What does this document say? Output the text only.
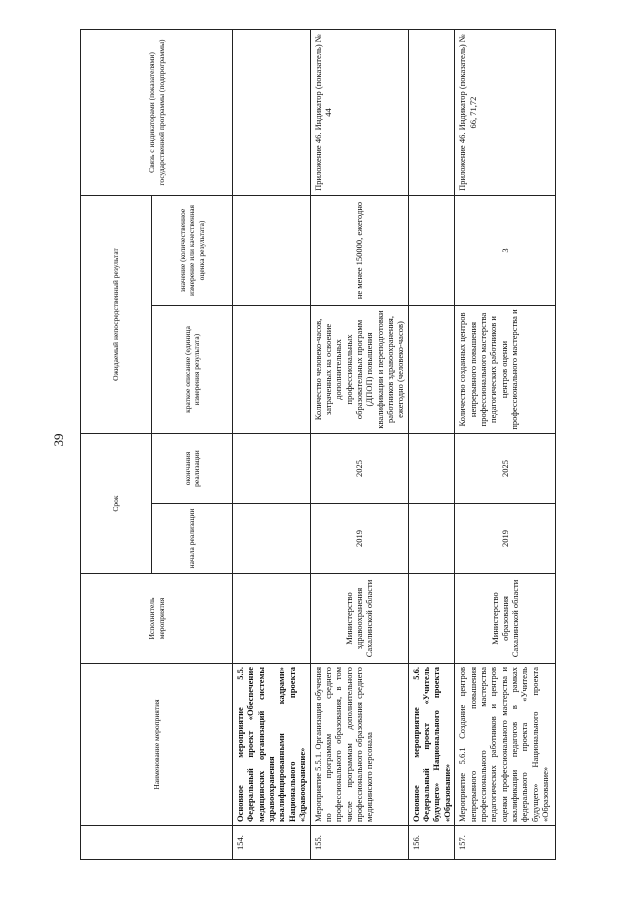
39
	Наименование мероприятия	Исполнитель мероприятия	Срок		Ожидаемый непосредственный результат		Связь с индикаторами (показателями) государственной программы (подпрограммы)
			начала реализации	окончания реализации	краткое описание (единица измерения результата)	значение (количественное измерение или качественная оценка результата)	
154.	Основное мероприятие 5.5. Федеральный проект «Обеспечение медицинских организаций системы здравоохранения квалифицированными кадрами» Национального проекта «Здравоохранение»						
155.	Мероприятие 5.5.1. Организация обучения по программам среднего профессионального образования, в том числе программам дополнительного профессионального образования среднего медицинского персонала	Министерство здравоохранения Сахалинской области	2019	2025	Количество человеко-часов, затраченных на освоение дополнительных профессиональных образовательных программ (ДПОП) повышения квалификации и переподготовки работников здравоохранения, ежегодно (человеко-часов)	не менее 150000, ежегодно	Приложение 46. Индикатор (показатель) № 44
156.	Основное мероприятие 5.6. Федеральный проект «Учитель будущего» Национального проекта «Образование»						
157.	Мероприятие 5.6.1 Создание центров непрерывного повышения профессионального мастерства педагогических работников и центров оценки профессионального мастерства и квалификации педагогов в рамках федерального проекта «Учитель будущего» Национального проекта «Образование»	Министерство образования Сахалинской области	2019	2025	Количество созданных центров непрерывного повышения профессионального мастерства педагогических работников и центров оценки профессионального мастерства и	3	Приложение 46. Индикатор (показатель) № 66, 71,72
